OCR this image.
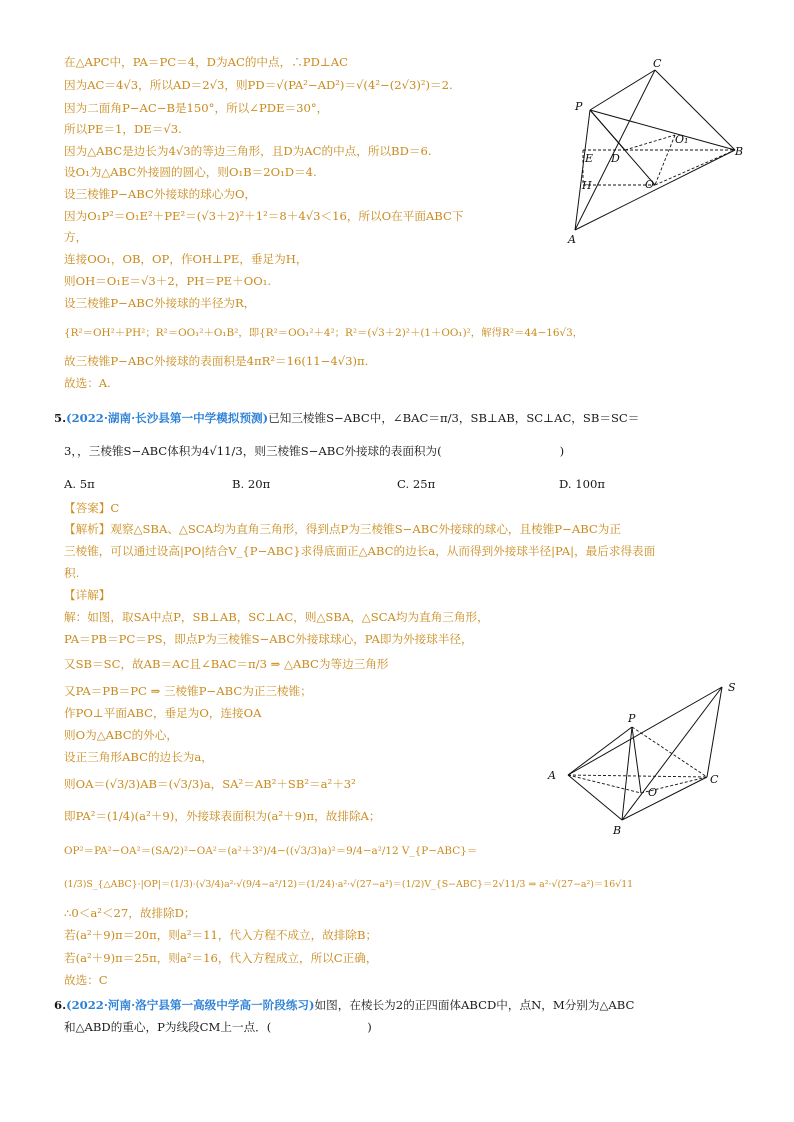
在△APC中，PA＝PC＝4，D为AC的中点，∴PD⊥AC
因为AC＝4√3，所以AD＝2√3，则PD＝√(PA²−AD²)＝√(4²−(2√3)²)＝2.
因为二面角P−AC−B是150°，所以∠PDE＝30°，
所以PE＝1，DE＝√3.
因为△ABC是边长为4√3的等边三角形，且D为AC的中点，所以BD＝6.
设O₁为△ABC外接圆的圆心，则O₁B＝2O₁D＝4.
设三棱锥P−ABC外接球的球心为O，
因为O₁P²＝O₁E²＋PE²＝(√3＋2)²＋1²＝8＋4√3＜16，所以O在平面ABC下
方，
连接OO₁，OB，OP，作OH⊥PE，垂足为H，
则OH＝O₁E＝√3＋2，PH＝PE＋OO₁.
设三棱锥P−ABC外接球的半径为R，
{R²＝OH²＋PH²；R²＝OO₁²＋O₁B²，即{R²＝OO₁²＋4²；R²＝(√3＋2)²＋(1＋OO₁)²，解得R²＝44−16√3，
故三棱锥P−ABC外接球的表面积是4πR²＝16(11−4√3)π.
故选：A.
P
C
O₁
B
D
E
O
H
A
5.(2022·湖南·长沙县第一中学模拟预测)已知三棱锥S−ABC中，∠BAC＝π/3，SB⊥AB，SC⊥AC，SB＝SC＝
3，，三棱锥S−ABC体积为4√11/3，则三棱锥S−ABC外接球的表面积为(	)
A. 5π	B. 20π	C. 25π	D. 100π
【答案】C
【解析】观察△SBA、△SCA均为直角三角形，得到点P为三棱锥S−ABC外接球的球心，且棱锥P−ABC为正
三棱锥，可以通过设高|PO|结合V_{P−ABC}求得底面正△ABC的边长a，从而得到外接球半径|PA|，最后求得表面
积.
【详解】
解：如图，取SA中点P，SB⊥AB，SC⊥AC，则△SBA，△SCA均为直角三角形，
PA＝PB＝PC＝PS，即点P为三棱锥S−ABC外接球球心，PA即为外接球半径，
又SB＝SC，故AB＝AC且∠BAC＝π/3 ⇒ △ABC为等边三角形
又PA＝PB＝PC ⇒ 三棱锥P−ABC为正三棱锥；
作PO⊥平面ABC，垂足为O，连接OA
则O为△ABC的外心，
设正三角形ABC的边长为a，
则OA＝(√3/3)AB＝(√3/3)a，SA²＝AB²＋SB²＝a²＋3²
即PA²＝(1/4)(a²＋9)，外接球表面积为(a²＋9)π，故排除A；
OP²＝PA²−OA²＝(SA/2)²−OA²＝(a²＋3²)/4−((√3/3)a)²＝9/4−a²/12 V_{P−ABC}＝
(1/3)S_{△ABC}·|OP|＝(1/3)·(√3/4)a²·√(9/4−a²/12)＝(1/24)·a²·√(27−a²)＝(1/2)V_{S−ABC}＝2√11/3 ⇒ a²·√(27−a²)＝16√11
∴0＜a²＜27，故排除D；
若(a²＋9)π＝20π，则a²＝11，代入方程不成立，故排除B；
若(a²＋9)π＝25π，则a²＝16，代入方程成立，所以C正确，
故选：C
S
P
A	C
O
B
6.(2022·河南·洛宁县第一高级中学高一阶段练习)如图，在棱长为2的正四面体ABCD中，点N，M分别为△ABC
和△ABD的重心，P为线段CM上一点．(	)
